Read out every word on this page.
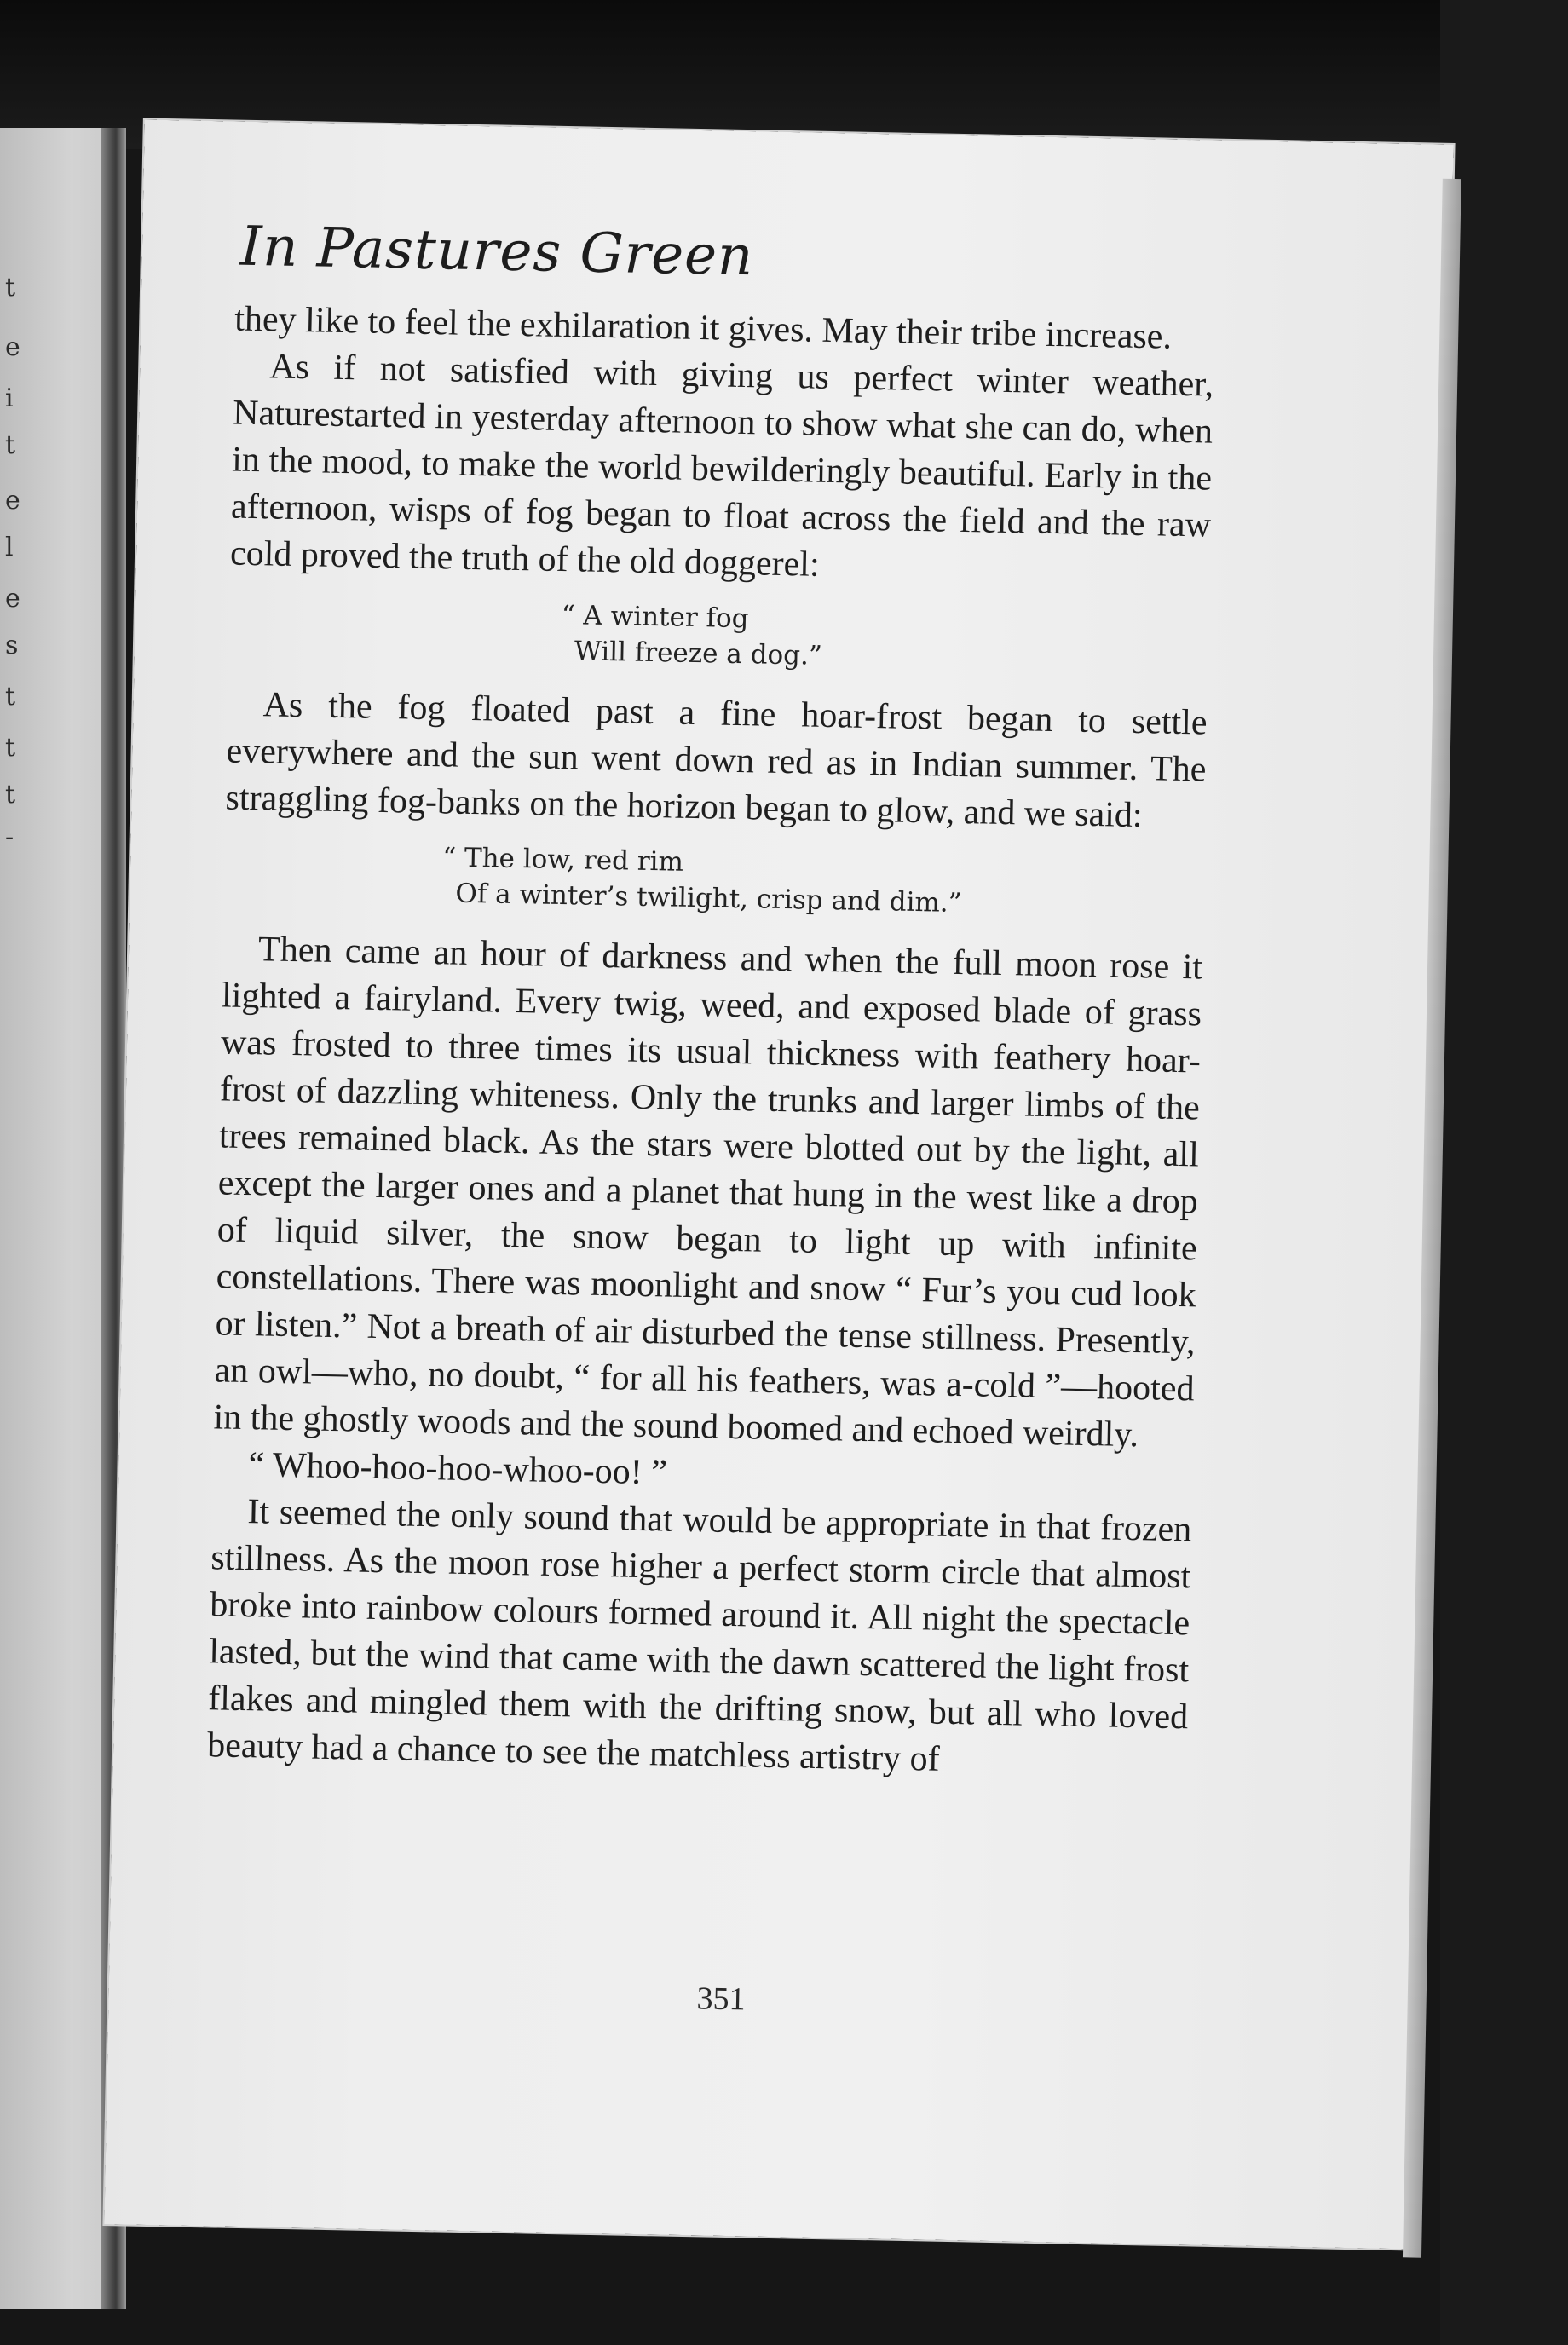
t
e
i
t
e
l
e
s
t
t
t
-
In Pastures Green

they like to feel the exhilaration it gives. May their tribe increase.

As if not satisfied with giving us perfect winter weather, Naturestarted in yesterday afternoon to show what she can do, when in the mood, to make the world bewilderingly beautiful. Early in the afternoon, wisps of fog began to float across the field and the raw cold proved the truth of the old doggerel:

“ A winter fog
Will freeze a dog.”

As the fog floated past a fine hoar-frost began to settle everywhere and the sun went down red as in Indian summer. The straggling fog-banks on the horizon began to glow, and we said:

“ The low, red rim
Of a winter’s twilight, crisp and dim.”

Then came an hour of darkness and when the full moon rose it lighted a fairyland. Every twig, weed, and exposed blade of grass was frosted to three times its usual thickness with feathery hoar-frost of dazzling whiteness. Only the trunks and larger limbs of the trees remained black. As the stars were blotted out by the light, all except the larger ones and a planet that hung in the west like a drop of liquid silver, the snow began to light up with infinite constellations. There was moonlight and snow “ Fur’s you cud look or listen.” Not a breath of air disturbed the tense stillness. Presently, an owl—who, no doubt, “ for all his feathers, was a-cold ”—hooted in the ghostly woods and the sound boomed and echoed weirdly.

“ Whoo-hoo-hoo-whoo-oo! ”

It seemed the only sound that would be appropriate in that frozen stillness. As the moon rose higher a perfect storm circle that almost broke into rainbow colours formed around it. All night the spectacle lasted, but the wind that came with the dawn scattered the light frost flakes and mingled them with the drifting snow, but all who loved beauty had a chance to see the matchless artistry of

351
